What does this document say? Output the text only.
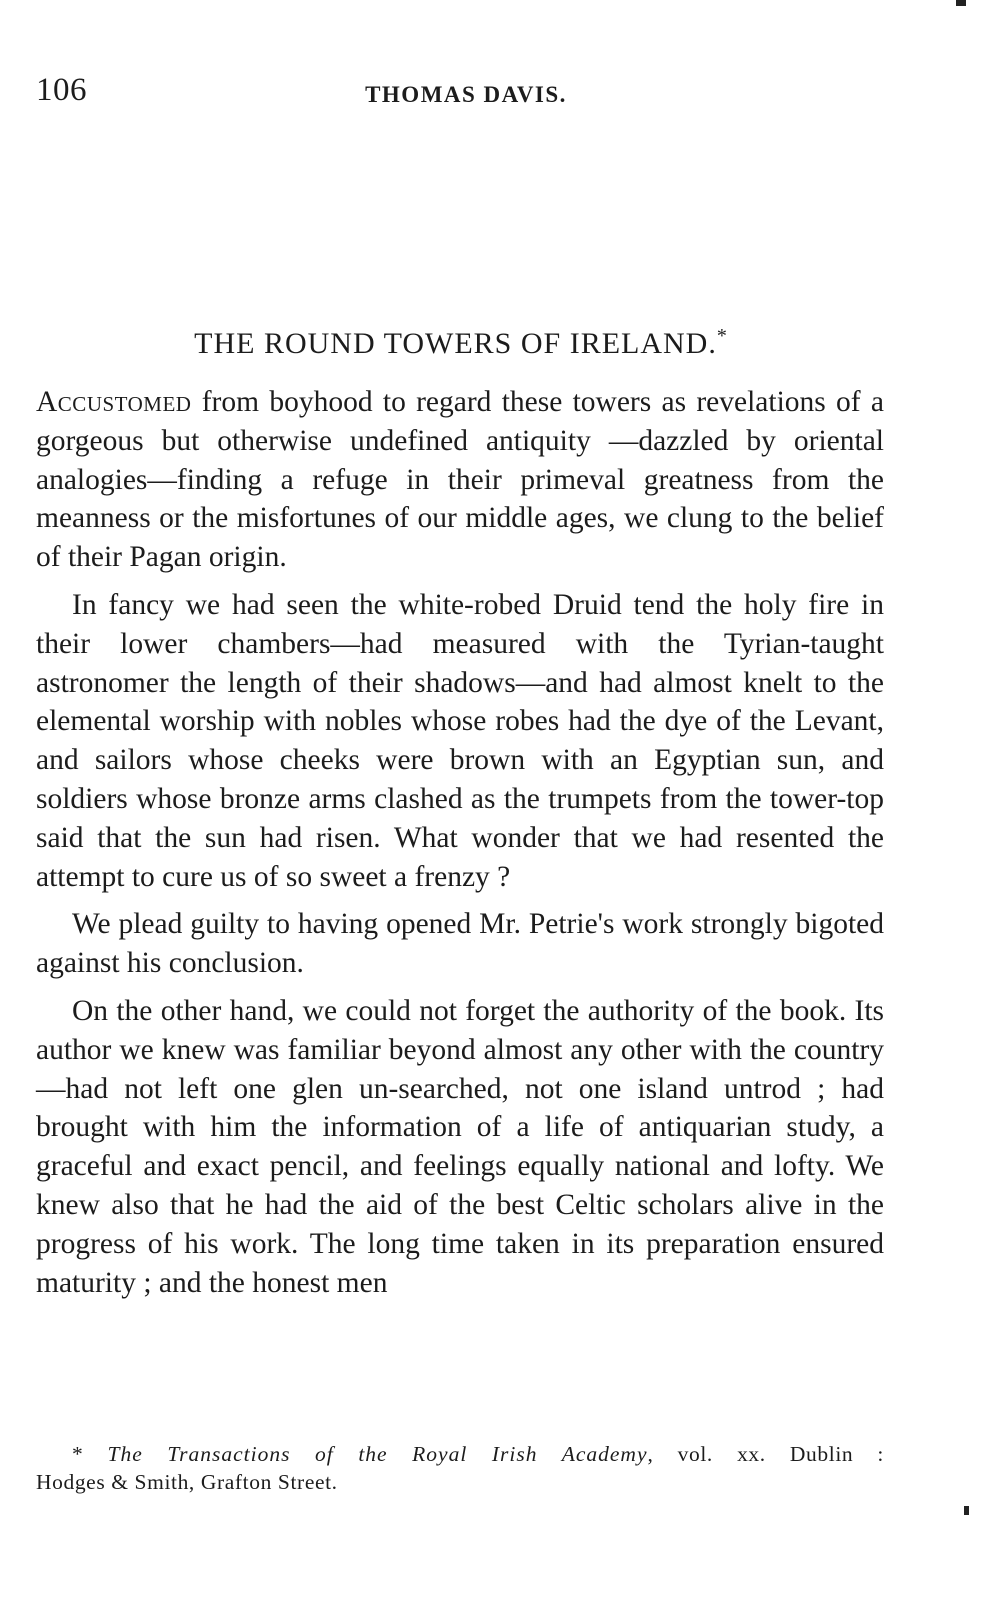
106	THOMAS DAVIS.
THE ROUND TOWERS OF IRELAND.*

Accustomed from boyhood to regard these towers as revelations of a gorgeous but otherwise undefined antiquity —dazzled by oriental analogies—finding a refuge in their primeval greatness from the meanness or the misfortunes of our middle ages, we clung to the belief of their Pagan origin.

In fancy we had seen the white-robed Druid tend the holy fire in their lower chambers—had measured with the Tyrian-taught astronomer the length of their shadows—and had almost knelt to the elemental worship with nobles whose robes had the dye of the Levant, and sailors whose cheeks were brown with an Egyptian sun, and soldiers whose bronze arms clashed as the trumpets from the tower-top said that the sun had risen. What wonder that we had resented the attempt to cure us of so sweet a frenzy ?

We plead guilty to having opened Mr. Petrie's work strongly bigoted against his conclusion.

On the other hand, we could not forget the authority of the book. Its author we knew was familiar beyond almost any other with the country—had not left one glen un-searched, not one island untrod ; had brought with him the information of a life of antiquarian study, a graceful and exact pencil, and feelings equally national and lofty. We knew also that he had the aid of the best Celtic scholars alive in the progress of his work. The long time taken in its preparation ensured maturity ; and the honest men

* The Transactions of the Royal Irish Academy, vol. xx. Dublin :
Hodges & Smith, Grafton Street.
